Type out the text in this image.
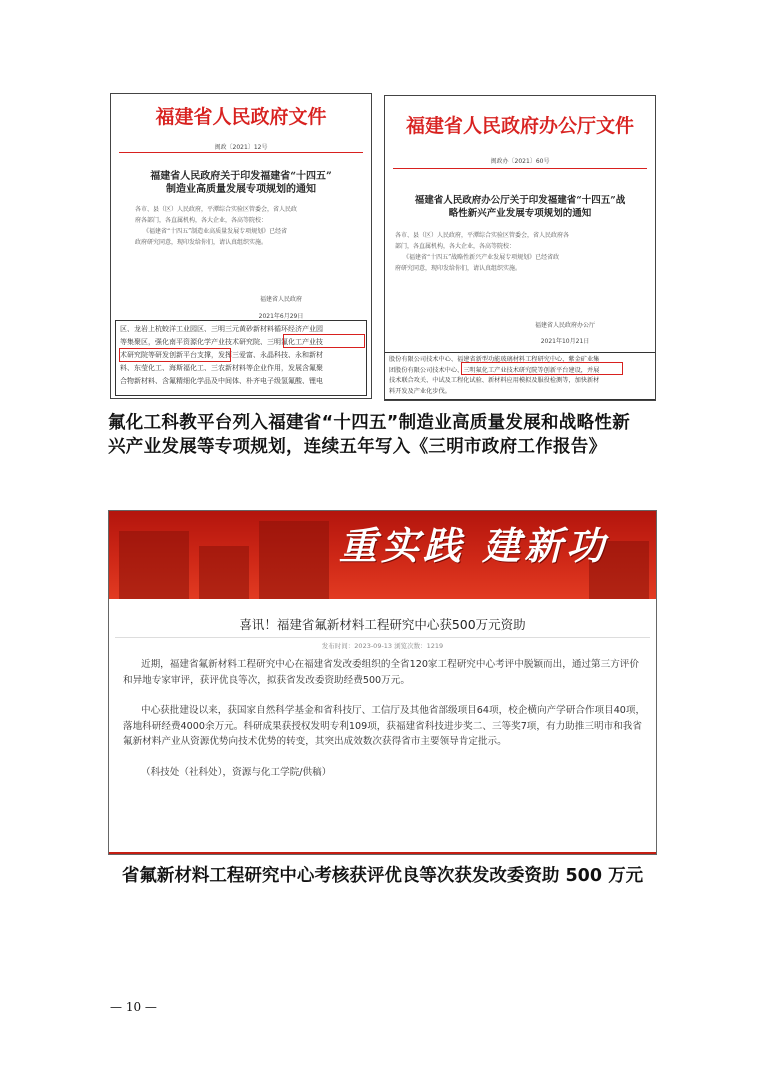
福建省人民政府文件
闽政〔2021〕12号
福建省人民政府关于印发福建省“十四五”
制造业高质量发展专项规划的通知
各市、县（区）人民政府，平潭综合实验区管委会，省人民政
府各部门，各直属机构，各大企业，各高等院校：
《福建省“十四五”制造业高质量发展专项规划》已经省
政府研究同意，现印发给你们，请认真组织实施。
福建省人民政府
2021年6月29日
区、龙岩上杭蛟洋工业园区、三明三元黄砂新材料循环经济产业园
等集聚区，强化南平资源化学产业技术研究院、三明氟化工产业技
术研究院等研发创新平台支撑，发挥三爱富、永晶科技、永和新材
料、东莹化工、海斯福化工、三农新材料等企业作用，发展含氟聚
合物新材料、含氟精细化学品及中间体、朴齐电子级氢氟酸、锂电
福建省人民政府办公厅文件
闽政办〔2021〕60号
福建省人民政府办公厅关于印发福建省“十四五”战
略性新兴产业发展专项规划的通知
各市、县（区）人民政府，平潭综合实验区管委会，省人民政府各
部门，各直属机构，各大企业，各高等院校：
《福建省“十四五”战略性新兴产业发展专项规划》已经省政
府研究同意，现印发给你们，请认真组织实施。
福建省人民政府办公厅
2021年10月21日
股份有限公司技术中心、福建省新型功能玻璃材料工程研究中心、紫金矿业集
团股份有限公司技术中心、三明氟化工产业技术研究院等创新平台建设，并展
技术联合攻关、中试及工程化试验、新材料应用模拟及服役检测等，加快新材
料开发及产业化步伐。
氟化工科教平台列入福建省“十四五”制造业高质量发展和战略性新
兴产业发展等专项规划，连续五年写入《三明市政府工作报告》
重实践 建新功
喜讯！福建省氟新材料工程研究中心获500万元资助
发布时间：2023-09-13 浏览次数：1219
近期，福建省氟新材料工程研究中心在福建省发改委组织的全省120家工程研究中心考评中脱颖而出，通过第三方评价和异地专家审评，获评优良等次，拟获省发改委资助经费500万元。
中心获批建设以来，获国家自然科学基金和省科技厅、工信厅及其他省部级项目64项，校企横向产学研合作项目40项，落地科研经费4000余万元。科研成果获授权发明专利109项，获福建省科技进步奖二、三等奖7项，有力助推三明市和我省氟新材料产业从资源优势向技术优势的转变，其突出成效数次获得省市主要领导肯定批示。
（科技处（社科处），资源与化工学院/供稿）
省氟新材料工程研究中心考核获评优良等次获发改委资助 500 万元
— 10 —
